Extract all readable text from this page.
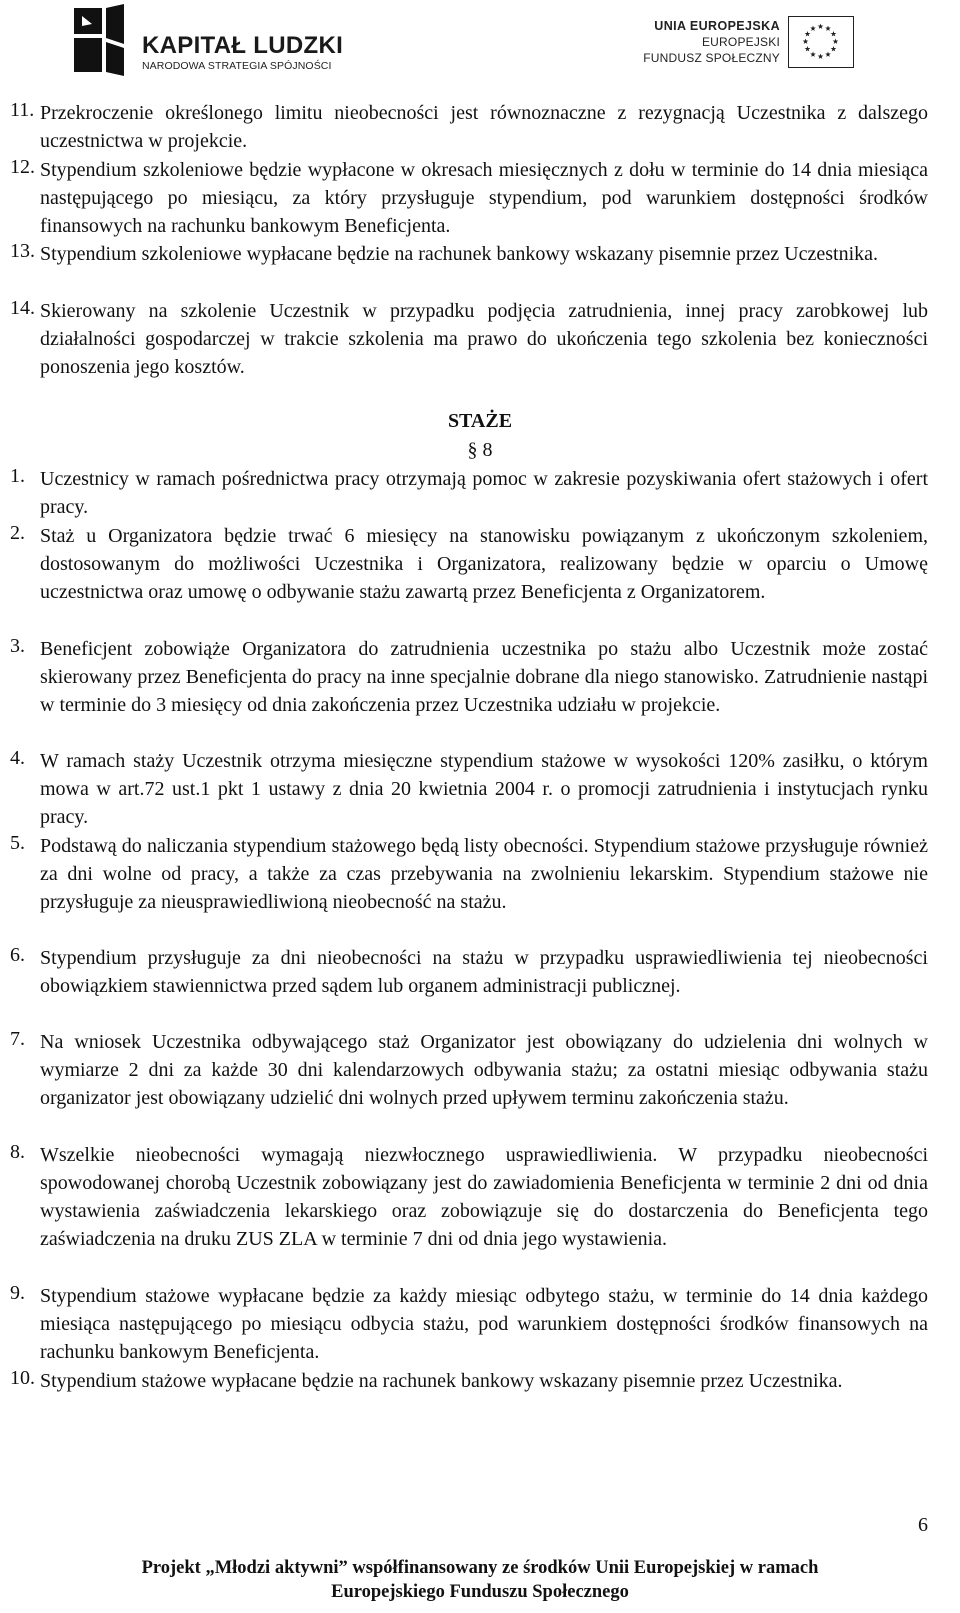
KAPITAŁ LUDZKI
NARODOWA STRATEGIA SPÓJNOŚCI
UNIA EUROPEJSKA
EUROPEJSKI
FUNDUSZ SPOŁECZNY
11. Przekroczenie określonego limitu nieobecności jest równoznaczne z rezygnacją Uczestnika z dalszego uczestnictwa w projekcie.
12. Stypendium szkoleniowe będzie wypłacone w okresach miesięcznych z dołu w terminie do 14 dnia miesiąca następującego po miesiącu, za który przysługuje stypendium, pod warunkiem dostępności środków finansowych na rachunku bankowym Beneficjenta.
13. Stypendium szkoleniowe wypłacane będzie na rachunek bankowy wskazany pisemnie przez Uczestnika.
14. Skierowany na szkolenie Uczestnik w przypadku podjęcia zatrudnienia, innej pracy zarobkowej lub działalności gospodarczej w trakcie szkolenia ma prawo do ukończenia tego szkolenia bez konieczności ponoszenia jego kosztów.
STAŻE
§ 8
1. Uczestnicy w ramach pośrednictwa pracy otrzymają pomoc w zakresie pozyskiwania ofert stażowych i ofert pracy.
2. Staż u Organizatora będzie trwać 6 miesięcy na stanowisku powiązanym z ukończonym szkoleniem, dostosowanym do możliwości Uczestnika i Organizatora, realizowany będzie w oparciu o Umowę uczestnictwa oraz umowę o odbywanie stażu zawartą przez Beneficjenta z Organizatorem.
3. Beneficjent zobowiąże Organizatora do zatrudnienia uczestnika po stażu albo Uczestnik może zostać skierowany przez Beneficjenta do pracy na inne specjalnie dobrane dla niego stanowisko. Zatrudnienie nastąpi w terminie do 3 miesięcy od dnia zakończenia przez Uczestnika udziału w projekcie.
4. W ramach staży Uczestnik otrzyma miesięczne stypendium stażowe w wysokości 120% zasiłku, o którym mowa w art.72 ust.1 pkt 1 ustawy z dnia 20 kwietnia 2004 r. o promocji zatrudnienia i instytucjach rynku pracy.
5. Podstawą do naliczania stypendium stażowego będą listy obecności. Stypendium stażowe przysługuje również za dni wolne od pracy, a także za czas przebywania na zwolnieniu lekarskim. Stypendium stażowe nie przysługuje za nieusprawiedliwioną nieobecność na stażu.
6. Stypendium przysługuje za dni nieobecności na stażu w przypadku usprawiedliwienia tej nieobecności obowiązkiem stawiennictwa przed sądem lub organem administracji publicznej.
7. Na wniosek Uczestnika odbywającego staż Organizator jest obowiązany do udzielenia dni wolnych w wymiarze 2 dni za każde 30 dni kalendarzowych odbywania stażu; za ostatni miesiąc odbywania stażu organizator jest obowiązany udzielić dni wolnych przed upływem terminu zakończenia stażu.
8. Wszelkie nieobecności wymagają niezwłocznego usprawiedliwienia. W przypadku nieobecności spowodowanej chorobą Uczestnik zobowiązany jest do zawiadomienia Beneficjenta w terminie 2 dni od dnia wystawienia zaświadczenia lekarskiego oraz zobowiązuje się do dostarczenia do Beneficjenta tego zaświadczenia na druku ZUS ZLA w terminie 7 dni od dnia jego wystawienia.
9. Stypendium stażowe wypłacane będzie za każdy miesiąc odbytego stażu, w terminie do 14 dnia każdego miesiąca następującego po miesiącu odbycia stażu, pod warunkiem dostępności środków finansowych na rachunku bankowym Beneficjenta.
10. Stypendium stażowe wypłacane będzie na rachunek bankowy wskazany pisemnie przez Uczestnika.
6
Projekt „Młodzi aktywni” współfinansowany ze środków Unii Europejskiej w ramach
Europejskiego Funduszu Społecznego
